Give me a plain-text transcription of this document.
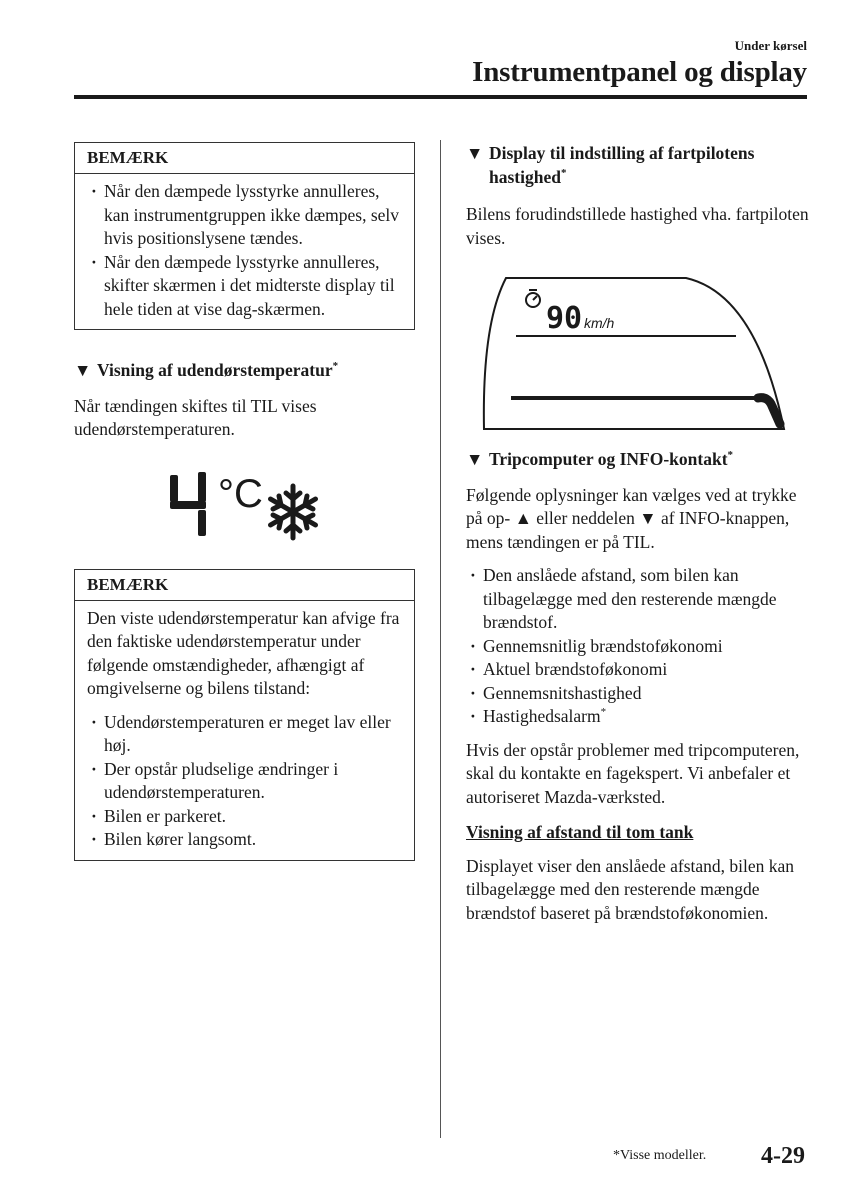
Under kørsel
Instrumentpanel og display
BEMÆRK
· Når den dæmpede lysstyrke annulleres, kan instrumentgruppen ikke dæmpes, selv hvis positionslysene tændes.
· Når den dæmpede lysstyrke annulleres, skifter skærmen i det midterste display til hele tiden at vise dag-skærmen.
▼ Visning af udendørstemperatur*

Når tændingen skiftes til TIL vises udendørstemperaturen.

°C
BEMÆRK

Den viste udendørstemperatur kan afvige fra den faktiske udendørstemperatur under følgende omstændigheder, afhængigt af omgivelserne og bilens tilstand:

· Udendørstemperaturen er meget lav eller høj.
· Der opstår pludselige ændringer i udendørstemperaturen.
· Bilen er parkeret.
· Bilen kører langsomt.
▼ Display til indstilling af fartpilotens hastighed*

Bilens forudindstillede hastighed vha. fartpiloten vises.

90 km/h
▼ Tripcomputer og INFO-kontakt*

Følgende oplysninger kan vælges ved at trykke på op- ▲ eller neddelen ▼ af INFO-knappen, mens tændingen er på TIL.

· Den anslåede afstand, som bilen kan tilbagelægge med den resterende mængde brændstof.
· Gennemsnitlig brændstoføkonomi
· Aktuel brændstoføkonomi
· Gennemsnitshastighed
· Hastighedsalarm*

Hvis der opstår problemer med tripcomputeren, skal du kontakte en fagekspert. Vi anbefaler et autoriseret Mazda-værksted.

Visning af afstand til tom tank

Displayet viser den anslåede afstand, bilen kan tilbagelægge med den resterende mængde brændstof baseret på brændstoføkonomien.

*Visse modeller. 4-29
